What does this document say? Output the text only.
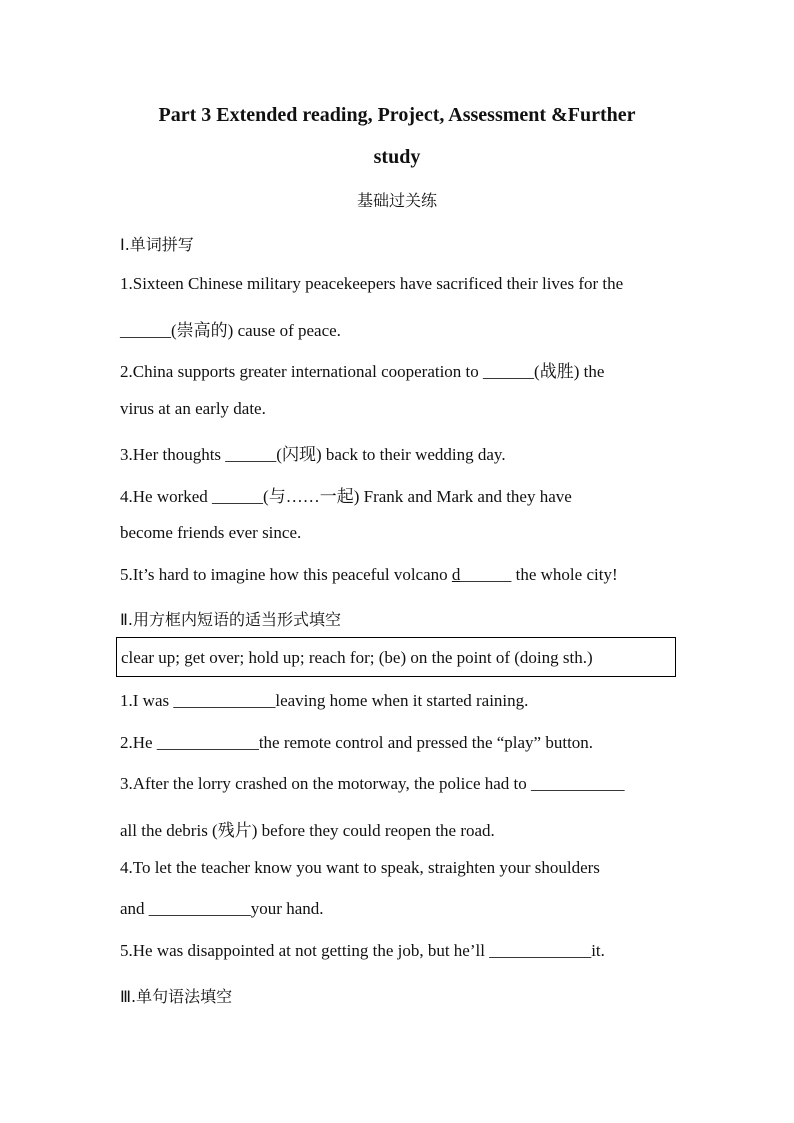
Part 3 Extended reading, Project, Assessment &Further
study
基础过关练
Ⅰ.单词拼写
1.Sixteen Chinese military peacekeepers have sacrificed their lives for the
______(崇高的) cause of peace.
2.China supports greater international cooperation to ______(战胜) the
virus at an early date.
3.Her thoughts ______(闪现) back to their wedding day.
4.He worked ______(与……一起) Frank and Mark and they have
become friends ever since.
5.It’s hard to imagine how this peaceful volcano d______ the whole city!
Ⅱ.用方框内短语的适当形式填空
clear up; get over; hold up; reach for; (be) on the point of (doing sth.)
1.I was ____________leaving home when it started raining.
2.He ____________the remote control and pressed the “play” button.
3.After the lorry crashed on the motorway, the police had to ___________
all the debris (残片) before they could reopen the road.
4.To let the teacher know you want to speak, straighten your shoulders
and ____________your hand.
5.He was disappointed at not getting the job, but he’ll ____________it.
Ⅲ.单句语法填空
